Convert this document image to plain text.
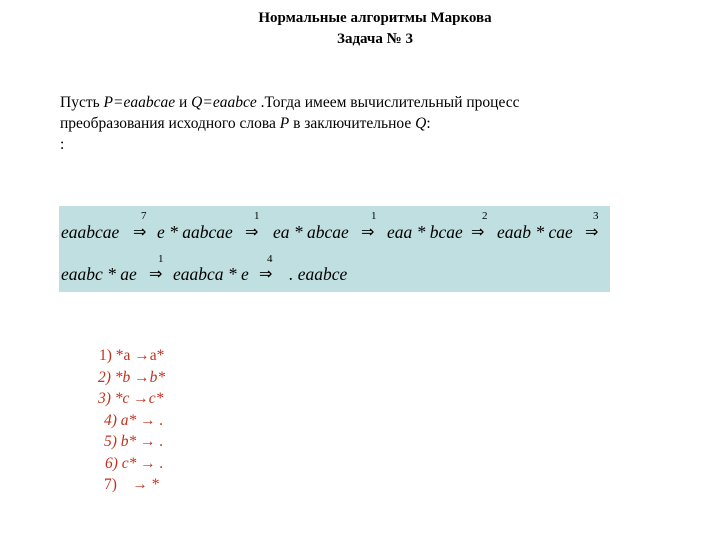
Нормальные алгоритмы Маркова
Задача № 3
Пусть P=eaabcae и Q=eaabce .Тогда имеем вычислительный процесс
преобразования исходного слова P в заключительное Q:
:
eaabcae
7
⇒ e * aabcae
1
⇒ ea * abcae
1
⇒ eaa * bcae
2
⇒ eaab * cae
3
⇒
eaabc * ae
1
⇒ eaabca * e
4
⇒ . eaabce
1) *a →a*
2) *b →b*
3) *c →c*
4) a* → .
5) b* → .
6) c* → .
7)    → *
